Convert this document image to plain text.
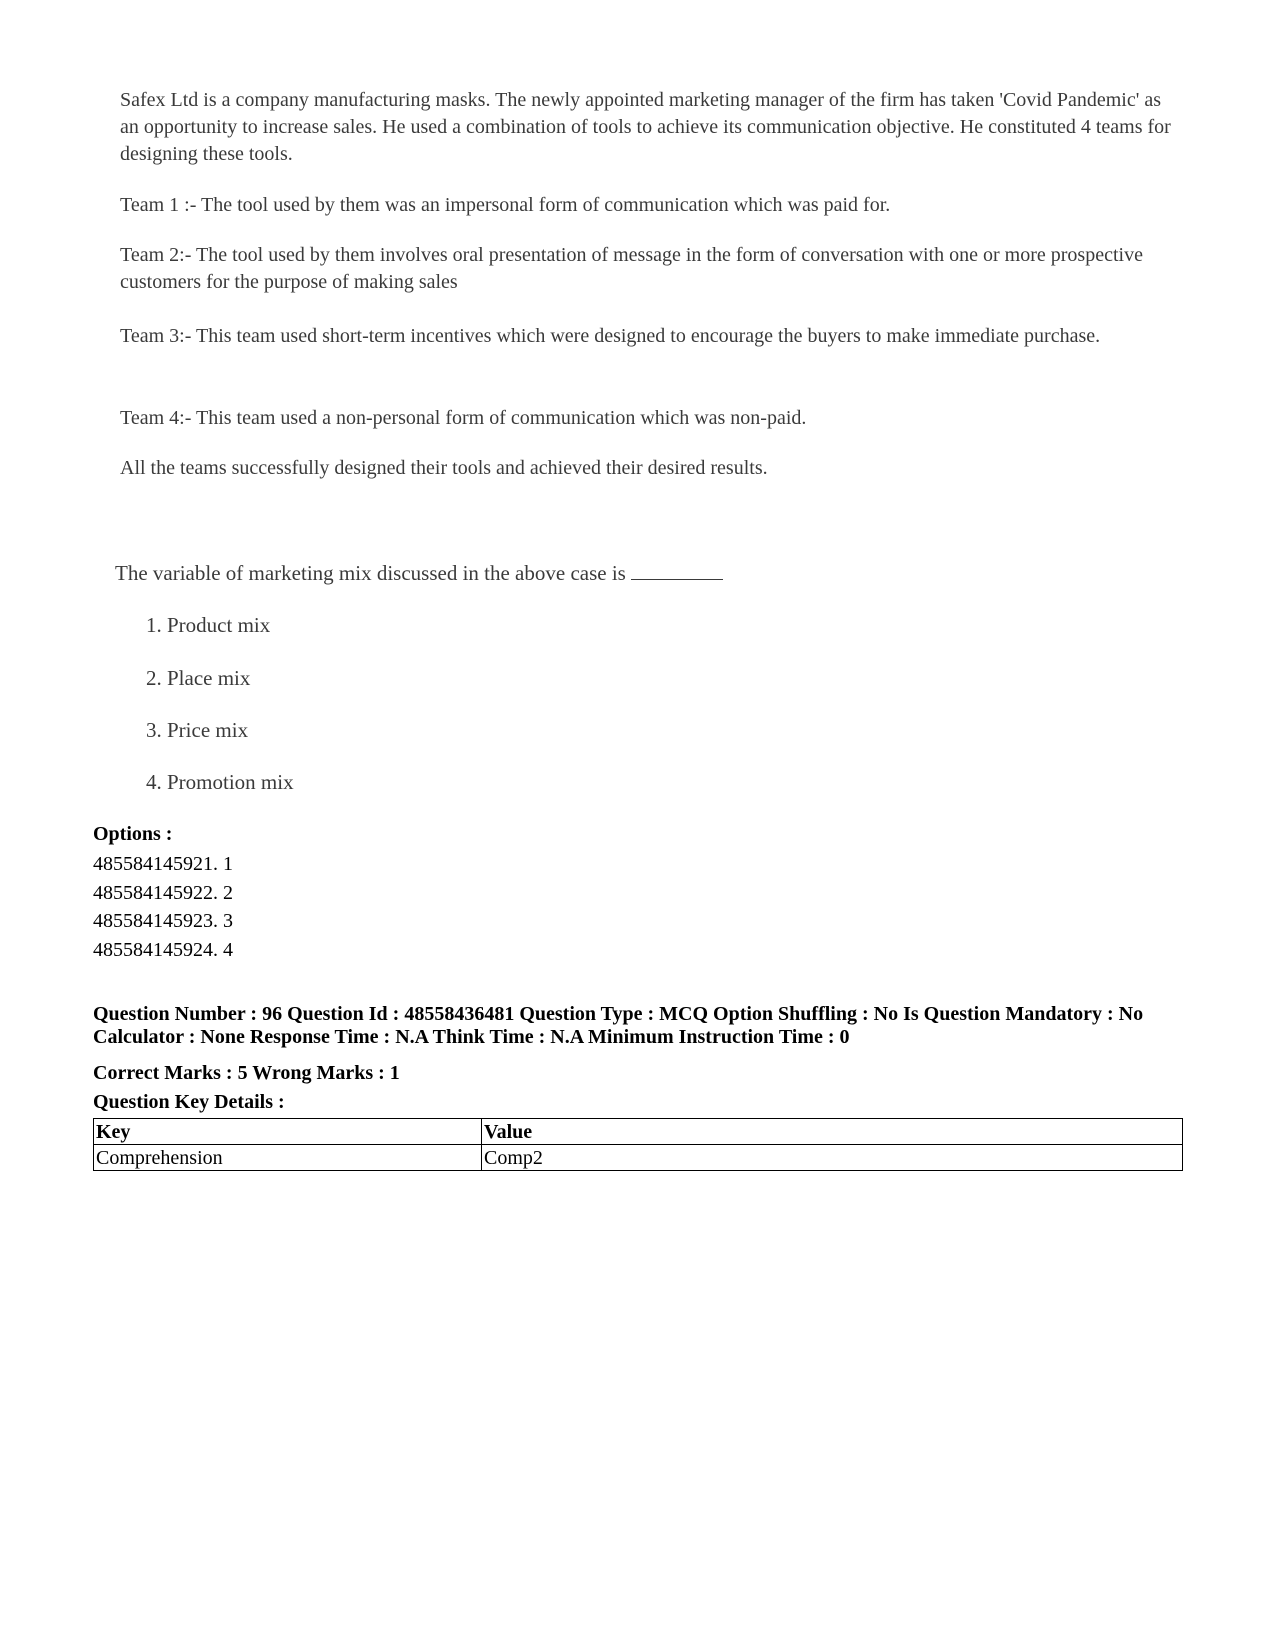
Safex Ltd is a company manufacturing masks. The newly appointed marketing manager of the firm has taken 'Covid Pandemic' as an opportunity to increase sales. He used a combination of tools to achieve its communication objective. He constituted 4 teams for designing these tools.

Team 1 :- The tool used by them was an impersonal form of communication which was paid for.

Team 2:- The tool used by them involves oral presentation of message in the form of conversation with one or more prospective customers for the purpose of making sales

Team 3:- This team used short-term incentives which were designed to encourage the buyers to make immediate purchase.

Team 4:- This team used a non-personal form of communication which was non-paid.

All the teams successfully designed their tools and achieved their desired results.

The variable of marketing mix discussed in the above case is

1. Product mix

2. Place mix

3. Price mix

4. Promotion mix

Options :
485584145921. 1
485584145922. 2
485584145923. 3
485584145924. 4
Question Number : 96 Question Id : 48558436481 Question Type : MCQ Option Shuffling : No Is Question Mandatory : No Calculator : None Response Time : N.A Think Time : N.A Minimum Instruction Time : 0
Correct Marks : 5 Wrong Marks : 1
Question Key Details :
Key	Value
Comprehension	Comp2
